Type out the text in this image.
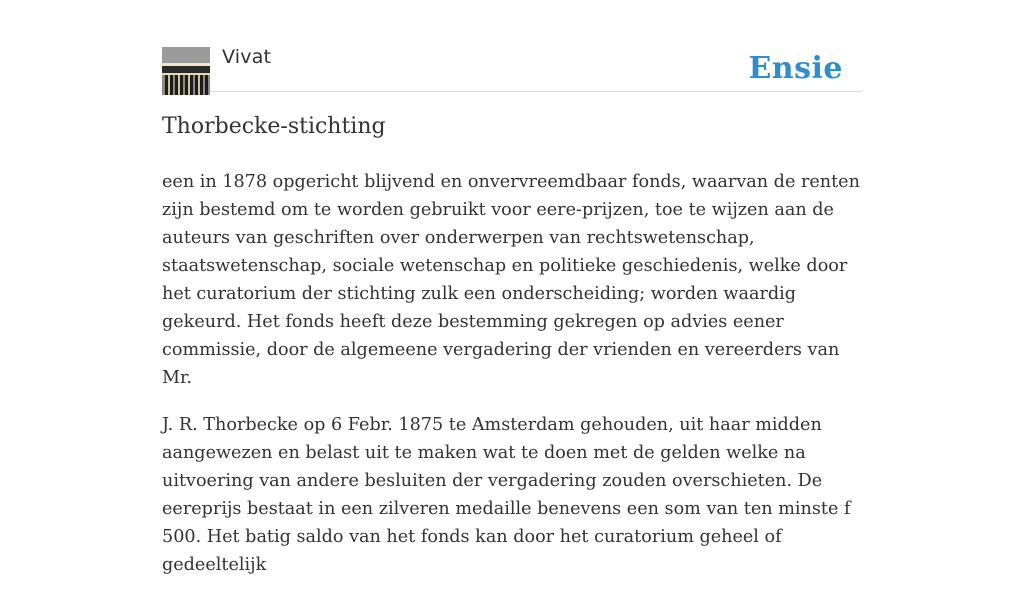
Vivat	Ensie
Thorbecke-stichting

een in 1878 opgericht blijvend en onvervreemdbaar fonds, waarvan de renten zijn bestemd om te worden gebruikt voor eere-prijzen, toe te wijzen aan de auteurs van geschriften over onderwerpen van rechtswetenschap, staatswetenschap, sociale wetenschap en politieke geschiedenis, welke door het curatorium der stichting zulk een onderscheiding; worden waardig gekeurd. Het fonds heeft deze bestemming gekregen op advies eener commissie, door de algemeene vergadering der vrienden en vereerders van Mr.

J. R. Thorbecke op 6 Febr. 1875 te Amsterdam gehouden, uit haar midden aangewezen en belast uit te maken wat te doen met de gelden welke na uitvoering van andere besluiten der vergadering zouden overschieten. De eereprijs bestaat in een zilveren medaille benevens een som van ten minste f 500. Het batig saldo van het fonds kan door het curatorium geheel of gedeeltelijk
